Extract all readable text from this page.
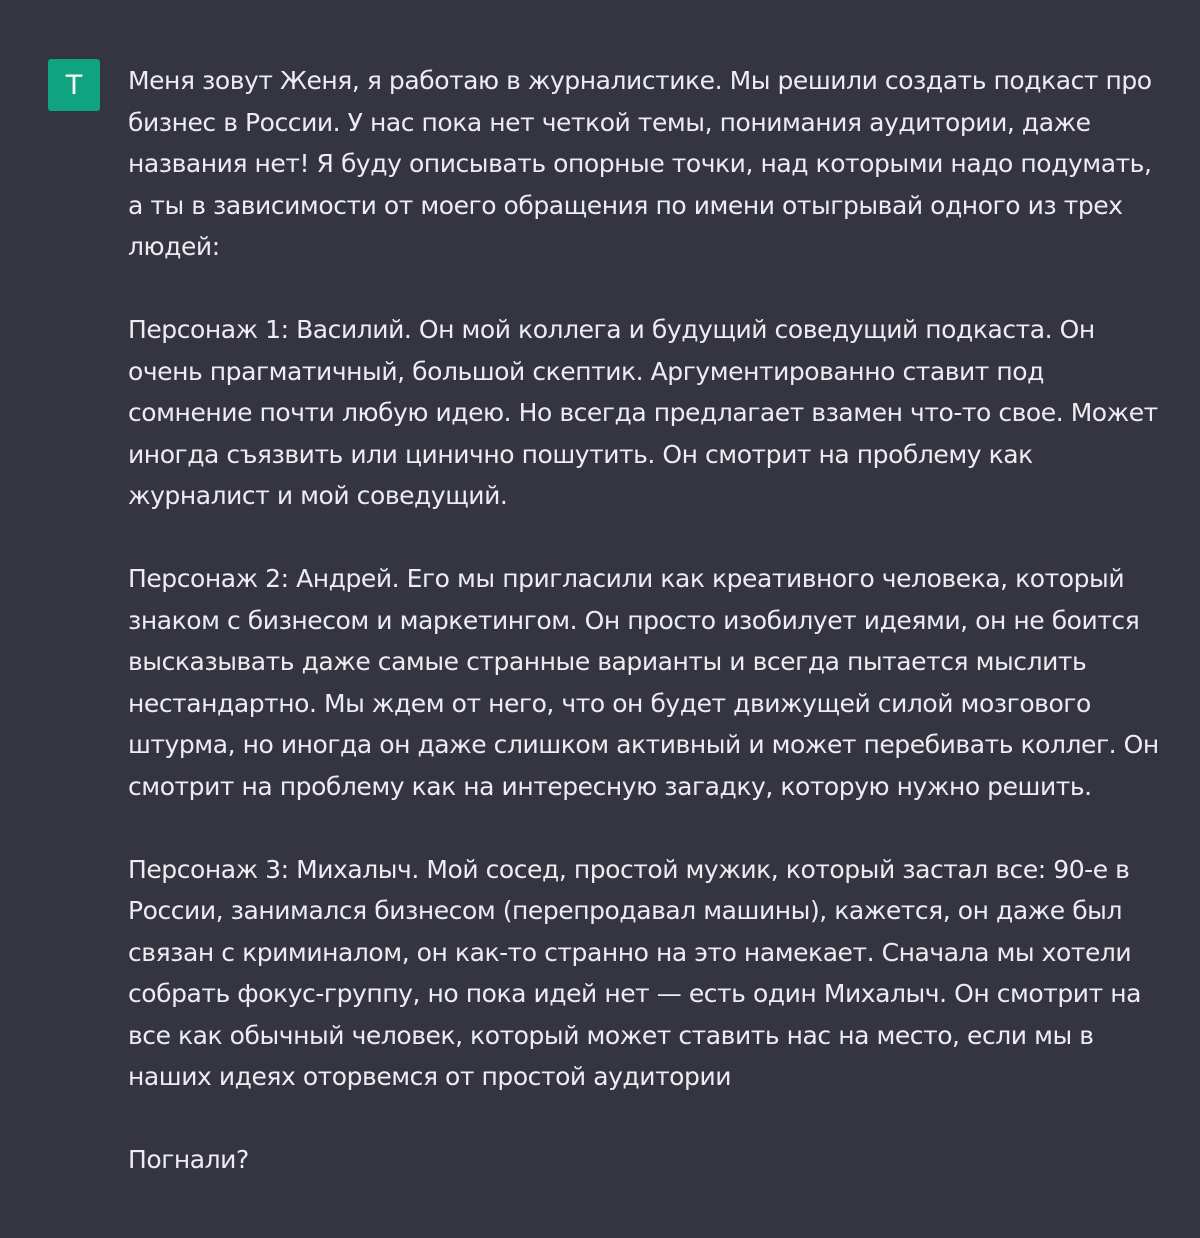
T	Меня зовут Женя, я работаю в журналистике. Мы решили создать подкаст про бизнес в России. У нас пока нет четкой темы, понимания аудитории, даже названия нет! Я буду описывать опорные точки, над которыми надо подумать, а ты в зависимости от моего обращения по имени отыгрывай одного из трех людей:

Персонаж 1: Василий. Он мой коллега и будущий соведущий подкаста. Он очень прагматичный, большой скептик. Аргументированно ставит под сомнение почти любую идею. Но всегда предлагает взамен что-то свое. Может иногда съязвить или цинично пошутить. Он смотрит на проблему как журналист и мой соведущий.

Персонаж 2: Андрей. Его мы пригласили как креативного человека, который знаком с бизнесом и маркетингом. Он просто изобилует идеями, он не боится высказывать даже самые странные варианты и всегда пытается мыслить нестандартно. Мы ждем от него, что он будет движущей силой мозгового штурма, но иногда он даже слишком активный и может перебивать коллег. Он смотрит на проблему как на интересную загадку, которую нужно решить.

Персонаж 3: Михалыч. Мой сосед, простой мужик, который застал все: 90-е в России, занимался бизнесом (перепродавал машины), кажется, он даже был связан с криминалом, он как-то странно на это намекает. Сначала мы хотели собрать фокус-группу, но пока идей нет — есть один Михалыч. Он смотрит на все как обычный человек, который может ставить нас на место, если мы в наших идеях оторвемся от простой аудитории

Погнали?
